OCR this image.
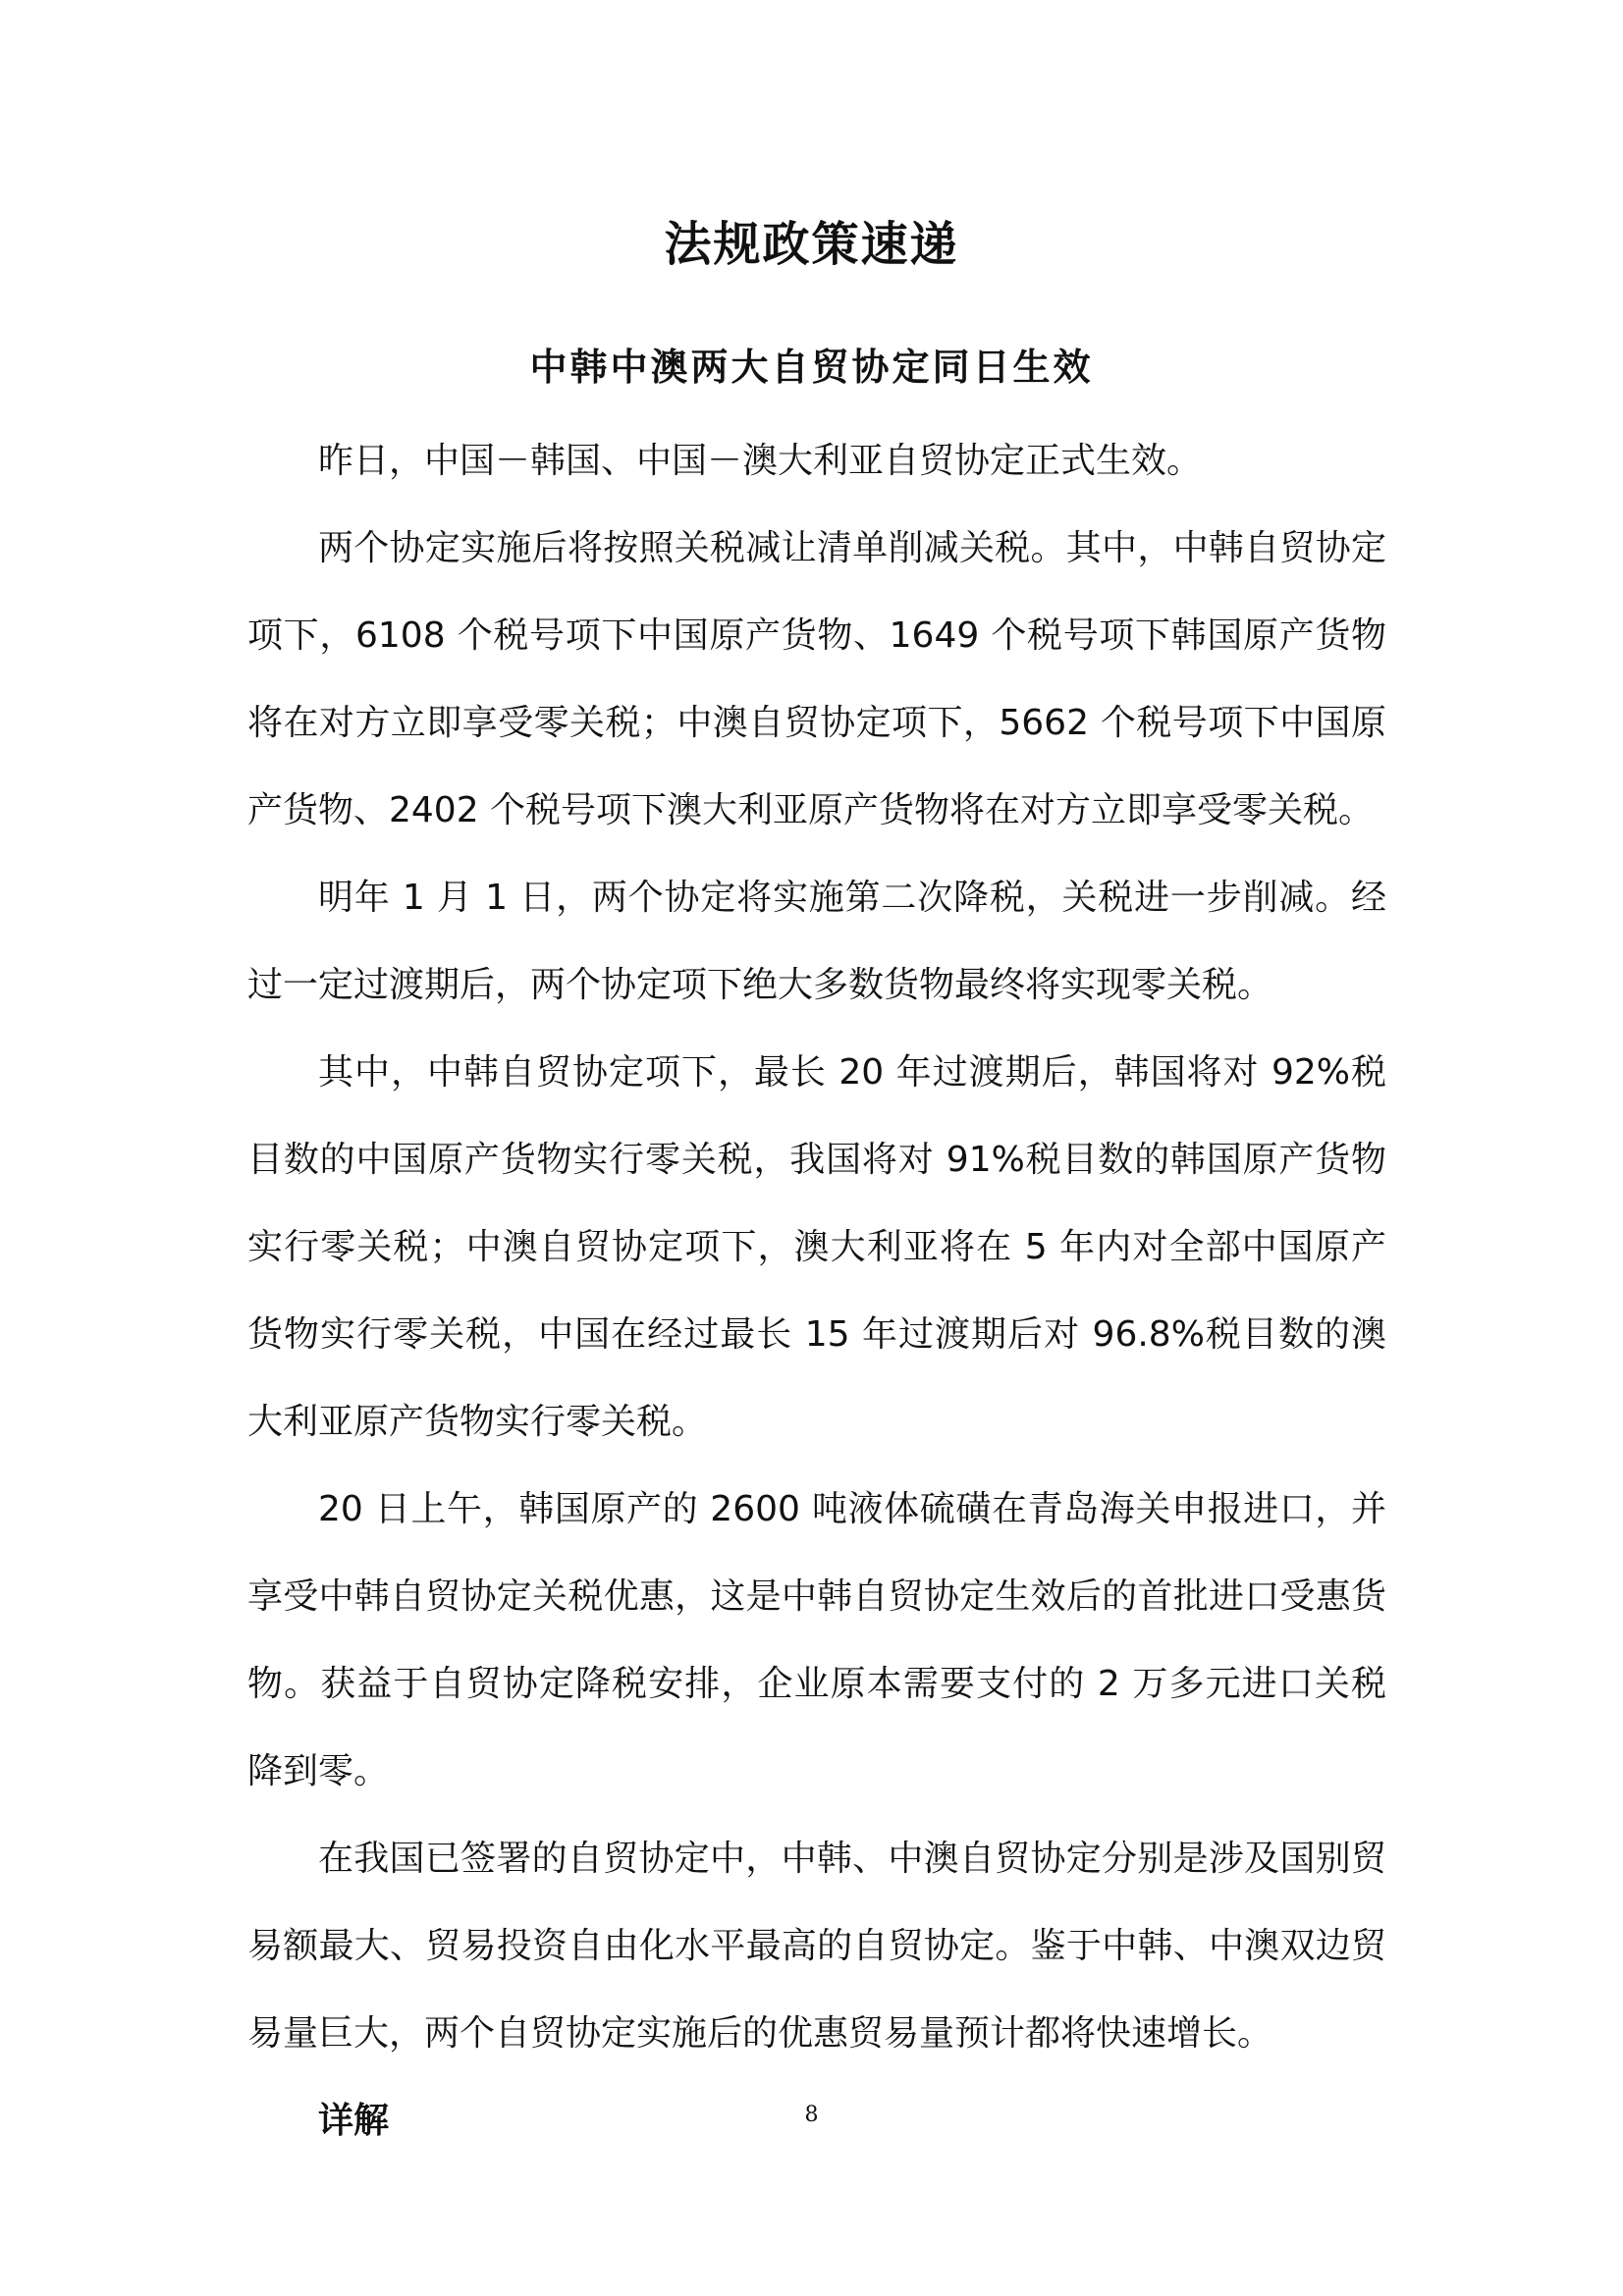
法规政策速递
中韩中澳两大自贸协定同日生效

昨日，中国－韩国、中国－澳大利亚自贸协定正式生效。

两个协定实施后将按照关税减让清单削减关税。其中，中韩自贸协定项下，6108 个税号项下中国原产货物、1649 个税号项下韩国原产货物将在对方立即享受零关税；中澳自贸协定项下，5662 个税号项下中国原产货物、2402 个税号项下澳大利亚原产货物将在对方立即享受零关税。

明年 1 月 1 日，两个协定将实施第二次降税，关税进一步削减。经过一定过渡期后，两个协定项下绝大多数货物最终将实现零关税。

其中，中韩自贸协定项下，最长 20 年过渡期后，韩国将对 92%税目数的中国原产货物实行零关税，我国将对 91%税目数的韩国原产货物实行零关税；中澳自贸协定项下，澳大利亚将在 5 年内对全部中国原产货物实行零关税，中国在经过最长 15 年过渡期后对 96.8%税目数的澳大利亚原产货物实行零关税。

20 日上午，韩国原产的 2600 吨液体硫磺在青岛海关申报进口，并享受中韩自贸协定关税优惠，这是中韩自贸协定生效后的首批进口受惠货物。获益于自贸协定降税安排，企业原本需要支付的 2 万多元进口关税降到零。

在我国已签署的自贸协定中，中韩、中澳自贸协定分别是涉及国别贸易额最大、贸易投资自由化水平最高的自贸协定。鉴于中韩、中澳双边贸易量巨大，两个自贸协定实施后的优惠贸易量预计都将快速增长。

详解	8
